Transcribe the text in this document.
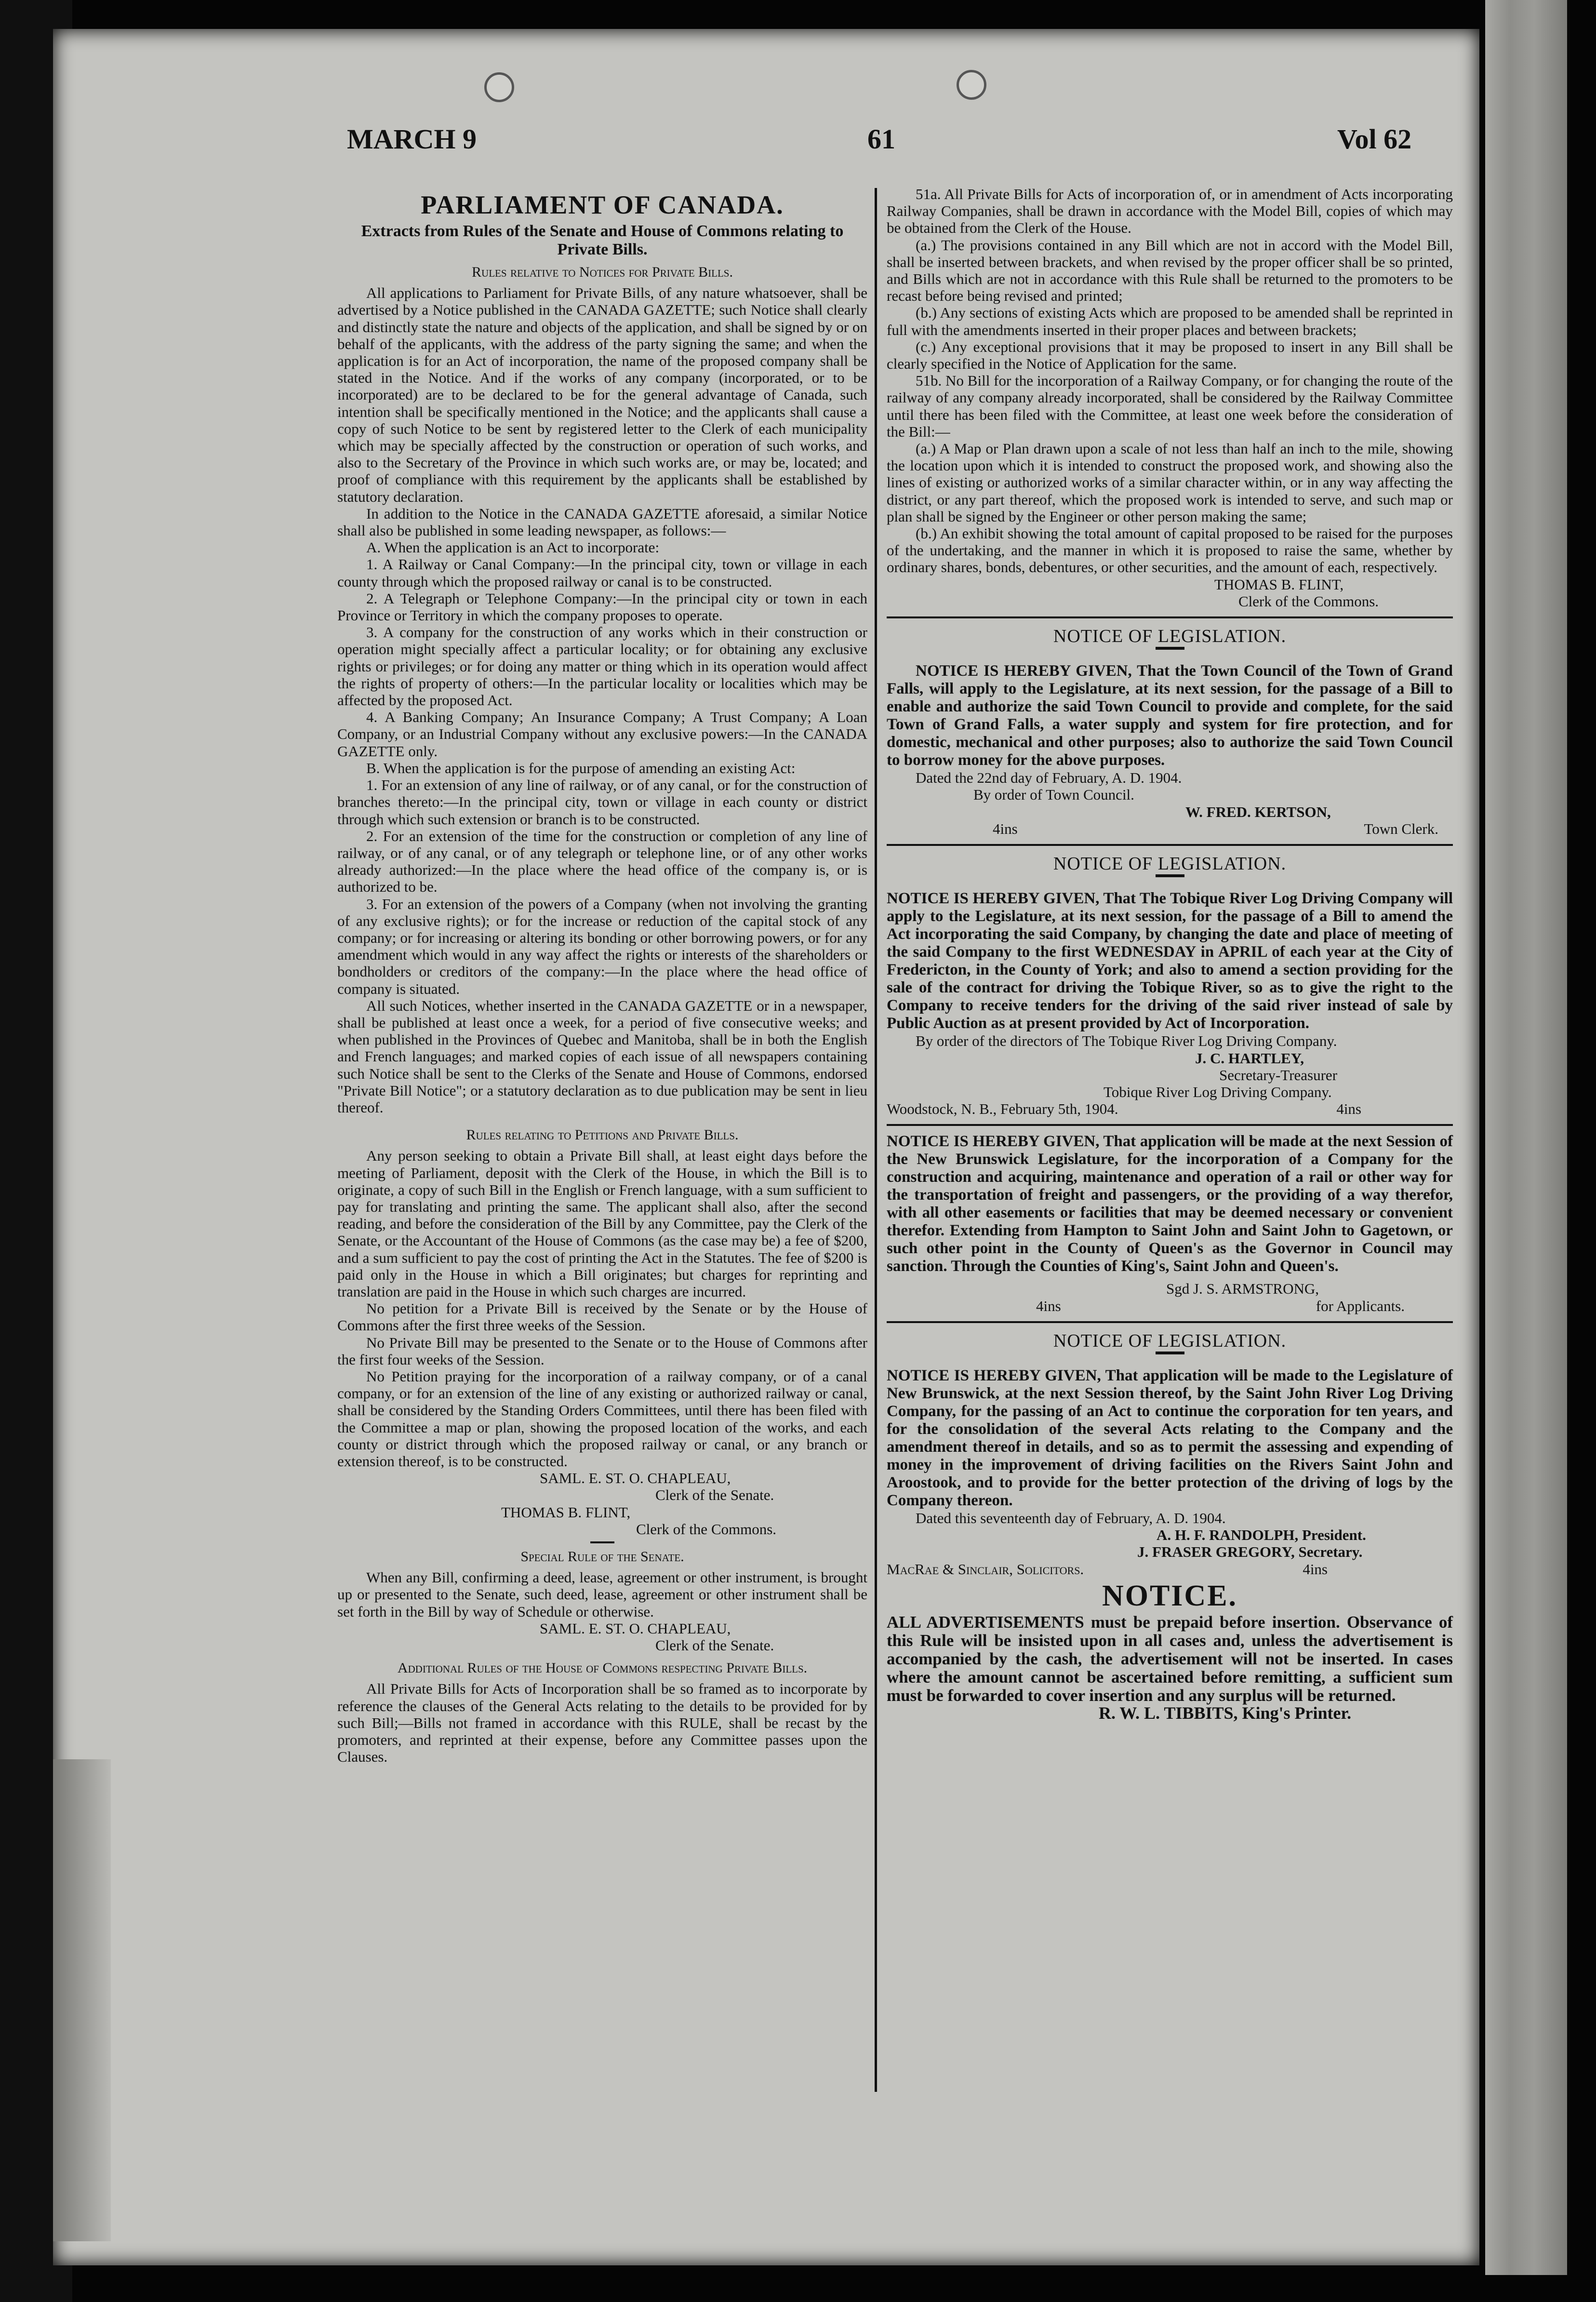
MARCH 9	61	Vol 62
PARLIAMENT OF CANADA.
Extracts from Rules of the Senate and House of Commons relating to Private Bills.
Rules relative to Notices for Private Bills.

All applications to Parliament for Private Bills, of any nature whatsoever, shall be advertised by a Notice published in the CANADA GAZETTE; such Notice shall clearly and distinctly state the nature and objects of the application, and shall be signed by or on behalf of the applicants, with the address of the party signing the same; and when the application is for an Act of incorporation, the name of the proposed company shall be stated in the Notice. And if the works of any company (incorporated, or to be incorporated) are to be declared to be for the general advantage of Canada, such intention shall be specifically mentioned in the Notice; and the applicants shall cause a copy of such Notice to be sent by registered letter to the Clerk of each municipality which may be specially affected by the construction or operation of such works, and also to the Secretary of the Province in which such works are, or may be, located; and proof of compliance with this requirement by the applicants shall be established by statutory declaration.

In addition to the Notice in the CANADA GAZETTE aforesaid, a similar Notice shall also be published in some leading newspaper, as follows:—

A. When the application is an Act to incorporate:

1. A Railway or Canal Company:—In the principal city, town or village in each county through which the proposed railway or canal is to be constructed.

2. A Telegraph or Telephone Company:—In the principal city or town in each Province or Territory in which the company proposes to operate.

3. A company for the construction of any works which in their construction or operation might specially affect a particular locality; or for obtaining any exclusive rights or privileges; or for doing any matter or thing which in its operation would affect the rights of property of others:—In the particular locality or localities which may be affected by the proposed Act.

4. A Banking Company; An Insurance Company; A Trust Company; A Loan Company, or an Industrial Company without any exclusive powers:—In the CANADA GAZETTE only.

B. When the application is for the purpose of amending an existing Act:

1. For an extension of any line of railway, or of any canal, or for the construction of branches thereto:—In the principal city, town or village in each county or district through which such extension or branch is to be constructed.

2. For an extension of the time for the construction or completion of any line of railway, or of any canal, or of any telegraph or telephone line, or of any other works already authorized:—In the place where the head office of the company is, or is authorized to be.

3. For an extension of the powers of a Company (when not involving the granting of any exclusive rights); or for the increase or reduction of the capital stock of any company; or for increasing or altering its bonding or other borrowing powers, or for any amendment which would in any way affect the rights or interests of the shareholders or bondholders or creditors of the company:—In the place where the head office of company is situated.

All such Notices, whether inserted in the CANADA GAZETTE or in a newspaper, shall be published at least once a week, for a period of five consecutive weeks; and when published in the Provinces of Quebec and Manitoba, shall be in both the English and French languages; and marked copies of each issue of all newspapers containing such Notice shall be sent to the Clerks of the Senate and House of Commons, endorsed "Private Bill Notice"; or a statutory declaration as to due publication may be sent in lieu thereof.

Rules relating to Petitions and Private Bills.

Any person seeking to obtain a Private Bill shall, at least eight days before the meeting of Parliament, deposit with the Clerk of the House, in which the Bill is to originate, a copy of such Bill in the English or French language, with a sum sufficient to pay for translating and printing the same. The applicant shall also, after the second reading, and before the consideration of the Bill by any Committee, pay the Clerk of the Senate, or the Accountant of the House of Commons (as the case may be) a fee of $200, and a sum sufficient to pay the cost of printing the Act in the Statutes. The fee of $200 is paid only in the House in which a Bill originates; but charges for reprinting and translation are paid in the House in which such charges are incurred.

No petition for a Private Bill is received by the Senate or by the House of Commons after the first three weeks of the Session.

No Private Bill may be presented to the Senate or to the House of Commons after the first four weeks of the Session.

No Petition praying for the incorporation of a railway company, or of a canal company, or for an extension of the line of any existing or authorized railway or canal, shall be considered by the Standing Orders Committees, until there has been filed with the Committee a map or plan, showing the proposed location of the works, and each county or district through which the proposed railway or canal, or any branch or extension thereof, is to be constructed.

SAML. E. ST. O. CHAPLEAU,

Clerk of the Senate.

THOMAS B. FLINT,

Clerk of the Commons.

Special Rule of the Senate.

When any Bill, confirming a deed, lease, agreement or other instrument, is brought up or presented to the Senate, such deed, lease, agreement or other instrument shall be set forth in the Bill by way of Schedule or otherwise.

SAML. E. ST. O. CHAPLEAU,

Clerk of the Senate.

Additional Rules of the House of Commons respecting Private Bills.

All Private Bills for Acts of Incorporation shall be so framed as to incorporate by reference the clauses of the General Acts relating to the details to be provided for by such Bill;—Bills not framed in accordance with this RULE, shall be recast by the promoters, and reprinted at their expense, before any Committee passes upon the Clauses.

51a. All Private Bills for Acts of incorporation of, or in amendment of Acts incorporating Railway Companies, shall be drawn in accordance with the Model Bill, copies of which may be obtained from the Clerk of the House.

(a.) The provisions contained in any Bill which are not in accord with the Model Bill, shall be inserted between brackets, and when revised by the proper officer shall be so printed, and Bills which are not in accordance with this Rule shall be returned to the promoters to be recast before being revised and printed;

(b.) Any sections of existing Acts which are proposed to be amended shall be reprinted in full with the amendments inserted in their proper places and between brackets;

(c.) Any exceptional provisions that it may be proposed to insert in any Bill shall be clearly specified in the Notice of Application for the same.

51b. No Bill for the incorporation of a Railway Company, or for changing the route of the railway of any company already incorporated, shall be considered by the Railway Committee until there has been filed with the Committee, at least one week before the consideration of the Bill:—

(a.) A Map or Plan drawn upon a scale of not less than half an inch to the mile, showing the location upon which it is intended to construct the proposed work, and showing also the lines of existing or authorized works of a similar character within, or in any way affecting the district, or any part thereof, which the proposed work is intended to serve, and such map or plan shall be signed by the Engineer or other person making the same;

(b.) An exhibit showing the total amount of capital proposed to be raised for the purposes of the undertaking, and the manner in which it is proposed to raise the same, whether by ordinary shares, bonds, debentures, or other securities, and the amount of each, respectively.

THOMAS B. FLINT,

Clerk of the Commons.

NOTICE OF LEGISLATION.

NOTICE IS HEREBY GIVEN, That the Town Council of the Town of Grand Falls, will apply to the Legislature, at its next session, for the passage of a Bill to enable and authorize the said Town Council to provide and complete, for the said Town of Grand Falls, a water supply and system for fire protection, and for domestic, mechanical and other purposes; also to authorize the said Town Council to borrow money for the above purposes.

Dated the 22nd day of February, A. D. 1904.

By order of Town Council.

W. FRED. KERTSON,

4ins	Town Clerk.

NOTICE OF LEGISLATION.

NOTICE IS HEREBY GIVEN, That The Tobique River Log Driving Company will apply to the Legislature, at its next session, for the passage of a Bill to amend the Act incorporating the said Company, by changing the date and place of meeting of the said Company to the first WEDNESDAY in APRIL of each year at the City of Fredericton, in the County of York; and also to amend a section providing for the sale of the contract for driving the Tobique River, so as to give the right to the Company to receive tenders for the driving of the said river instead of sale by Public Auction as at present provided by Act of Incorporation.

By order of the directors of The Tobique River Log Driving Company.

J. C. HARTLEY,

Secretary-Treasurer

Tobique River Log Driving Company.

Woodstock, N. B., February 5th, 1904.	4ins

NOTICE IS HEREBY GIVEN, That application will be made at the next Session of the New Brunswick Legislature, for the incorporation of a Company for the construction and acquiring, maintenance and operation of a rail or other way for the transportation of freight and passengers, or the providing of a way therefor, with all other easements or facilities that may be deemed necessary or convenient therefor. Extending from Hampton to Saint John and Saint John to Gagetown, or such other point in the County of Queen's as the Governor in Council may sanction. Through the Counties of King's, Saint John and Queen's.

Sgd J. S. ARMSTRONG,

4ins	for Applicants.

NOTICE OF LEGISLATION.

NOTICE IS HEREBY GIVEN, That application will be made to the Legislature of New Brunswick, at the next Session thereof, by the Saint John River Log Driving Company, for the passing of an Act to continue the corporation for ten years, and for the consolidation of the several Acts relating to the Company and the amendment thereof in details, and so as to permit the assessing and expending of money in the improvement of driving facilities on the Rivers Saint John and Aroostook, and to provide for the better protection of the driving of logs by the Company thereon.

Dated this seventeenth day of February, A. D. 1904.

A. H. F. RANDOLPH, President.

J. FRASER GREGORY, Secretary.

MacRae & Sinclair, Solicitors.	4ins

NOTICE.

ALL ADVERTISEMENTS must be prepaid before insertion. Observance of this Rule will be insisted upon in all cases and, unless the advertisement is accompanied by the cash, the advertisement will not be inserted. In cases where the amount cannot be ascertained before remitting, a sufficient sum must be forwarded to cover insertion and any surplus will be returned.

R. W. L. TIBBITS, King's Printer.
